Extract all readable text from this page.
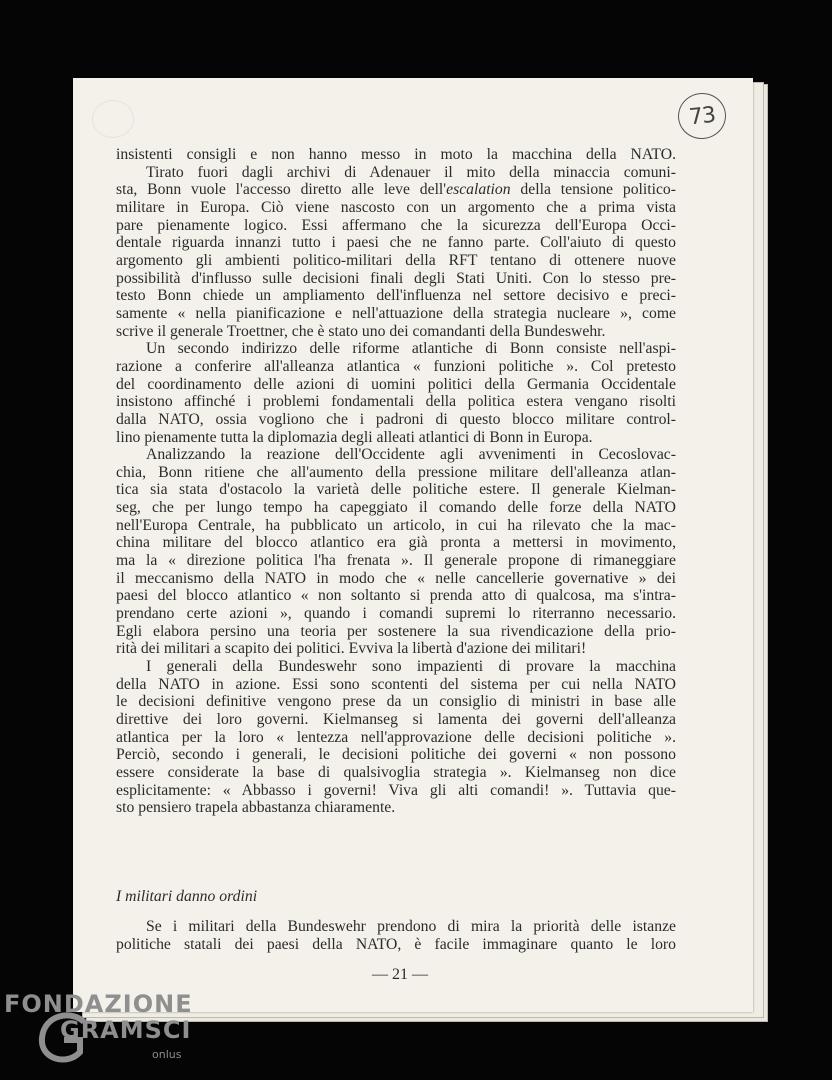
73

insistenti consigli e non hanno messo in moto la macchina della NATO.

Tirato fuori dagli archivi di Adenauer il mito della minaccia comuni-

sta, Bonn vuole l'accesso diretto alle leve dell'escalation della tensione politico-

militare in Europa. Ciò viene nascosto con un argomento che a prima vista

pare pienamente logico. Essi affermano che la sicurezza dell'Europa Occi-

dentale riguarda innanzi tutto i paesi che ne fanno parte. Coll'aiuto di questo

argomento gli ambienti politico-militari della RFT tentano di ottenere nuove

possibilità d'influsso sulle decisioni finali degli Stati Uniti. Con lo stesso pre-

testo Bonn chiede un ampliamento dell'influenza nel settore decisivo e preci-

samente « nella pianificazione e nell'attuazione della strategia nucleare », come

scrive il generale Troettner, che è stato uno dei comandanti della Bundeswehr.

Un secondo indirizzo delle riforme atlantiche di Bonn consiste nell'aspi-

razione a conferire all'alleanza atlantica « funzioni politiche ». Col pretesto

del coordinamento delle azioni di uomini politici della Germania Occidentale

insistono affinché i problemi fondamentali della politica estera vengano risolti

dalla NATO, ossia vogliono che i padroni di questo blocco militare control-

lino pienamente tutta la diplomazia degli alleati atlantici di Bonn in Europa.

Analizzando la reazione dell'Occidente agli avvenimenti in Cecoslovac-

chia, Bonn ritiene che all'aumento della pressione militare dell'alleanza atlan-

tica sia stata d'ostacolo la varietà delle politiche estere. Il generale Kielman-

seg, che per lungo tempo ha capeggiato il comando delle forze della NATO

nell'Europa Centrale, ha pubblicato un articolo, in cui ha rilevato che la mac-

china militare del blocco atlantico era già pronta a mettersi in movimento,

ma la « direzione politica l'ha frenata ». Il generale propone di rimaneggiare

il meccanismo della NATO in modo che « nelle cancellerie governative » dei

paesi del blocco atlantico « non soltanto si prenda atto di qualcosa, ma s'intra-

prendano certe azioni », quando i comandi supremi lo riterranno necessario.

Egli elabora persino una teoria per sostenere la sua rivendicazione della prio-

rità dei militari a scapito dei politici. Evviva la libertà d'azione dei militari!

I generali della Bundeswehr sono impazienti di provare la macchina

della NATO in azione. Essi sono scontenti del sistema per cui nella NATO

le decisioni definitive vengono prese da un consiglio di ministri in base alle

direttive dei loro governi. Kielmanseg si lamenta dei governi dell'alleanza

atlantica per la loro « lentezza nell'approvazione delle decisioni politiche ».

Perciò, secondo i generali, le decisioni politiche dei governi « non possono

essere considerate la base di qualsivoglia strategia ». Kielmanseg non dice

esplicitamente: « Abbasso i governi! Viva gli alti comandi! ». Tuttavia que-

sto pensiero trapela abbastanza chiaramente.

I militari danno ordini

Se i militari della Bundeswehr prendono di mira la priorità delle istanze

politiche statali dei paesi della NATO, è facile immaginare quanto le loro

— 21 —
FONDAZIONE
GRAMSCI
onlus
